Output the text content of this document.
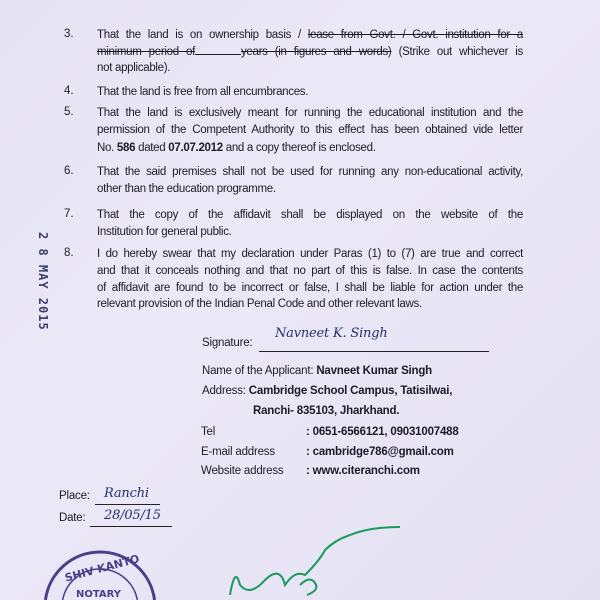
2 8 MAY 2015
3. That the land is on ownership basis / lease from Govt. / Govt. institution for a
minimum period of	years (in figures and words) (Strike out whichever is
not applicable).
4. That the land is free from all encumbrances.
5. That the land is exclusively meant for running the educational institution and the
permission of the Competent Authority to this effect has been obtained vide letter
No. 586 dated 07.07.2012 and a copy thereof is enclosed.
6. That the said premises shall not be used for running any non-educational activity,
other than the education programme.
7. That the copy of the affidavit shall be displayed on the website of the
Institution for general public.
8. I do hereby swear that my declaration under Paras (1) to (7) are true and correct
and that it conceals nothing and that no part of this is false. In case the contents
of affidavit are found to be incorrect or false, I shall be liable for action under the
relevant provision of the Indian Penal Code and other relevant laws.
Signature:
Navneet K. Singh
Name of the Applicant: Navneet Kumar Singh
Address: Cambridge School Campus, Tatisilwai,
Ranchi- 835103, Jharkhand.
Tel	: 0651-6566121, 09031007488
E-mail address	: cambridge786@gmail.com
Website address : www.citeranchi.com
Place: Ranchi
Date: 28/05/15
SHIV KANTO
NOTARY
